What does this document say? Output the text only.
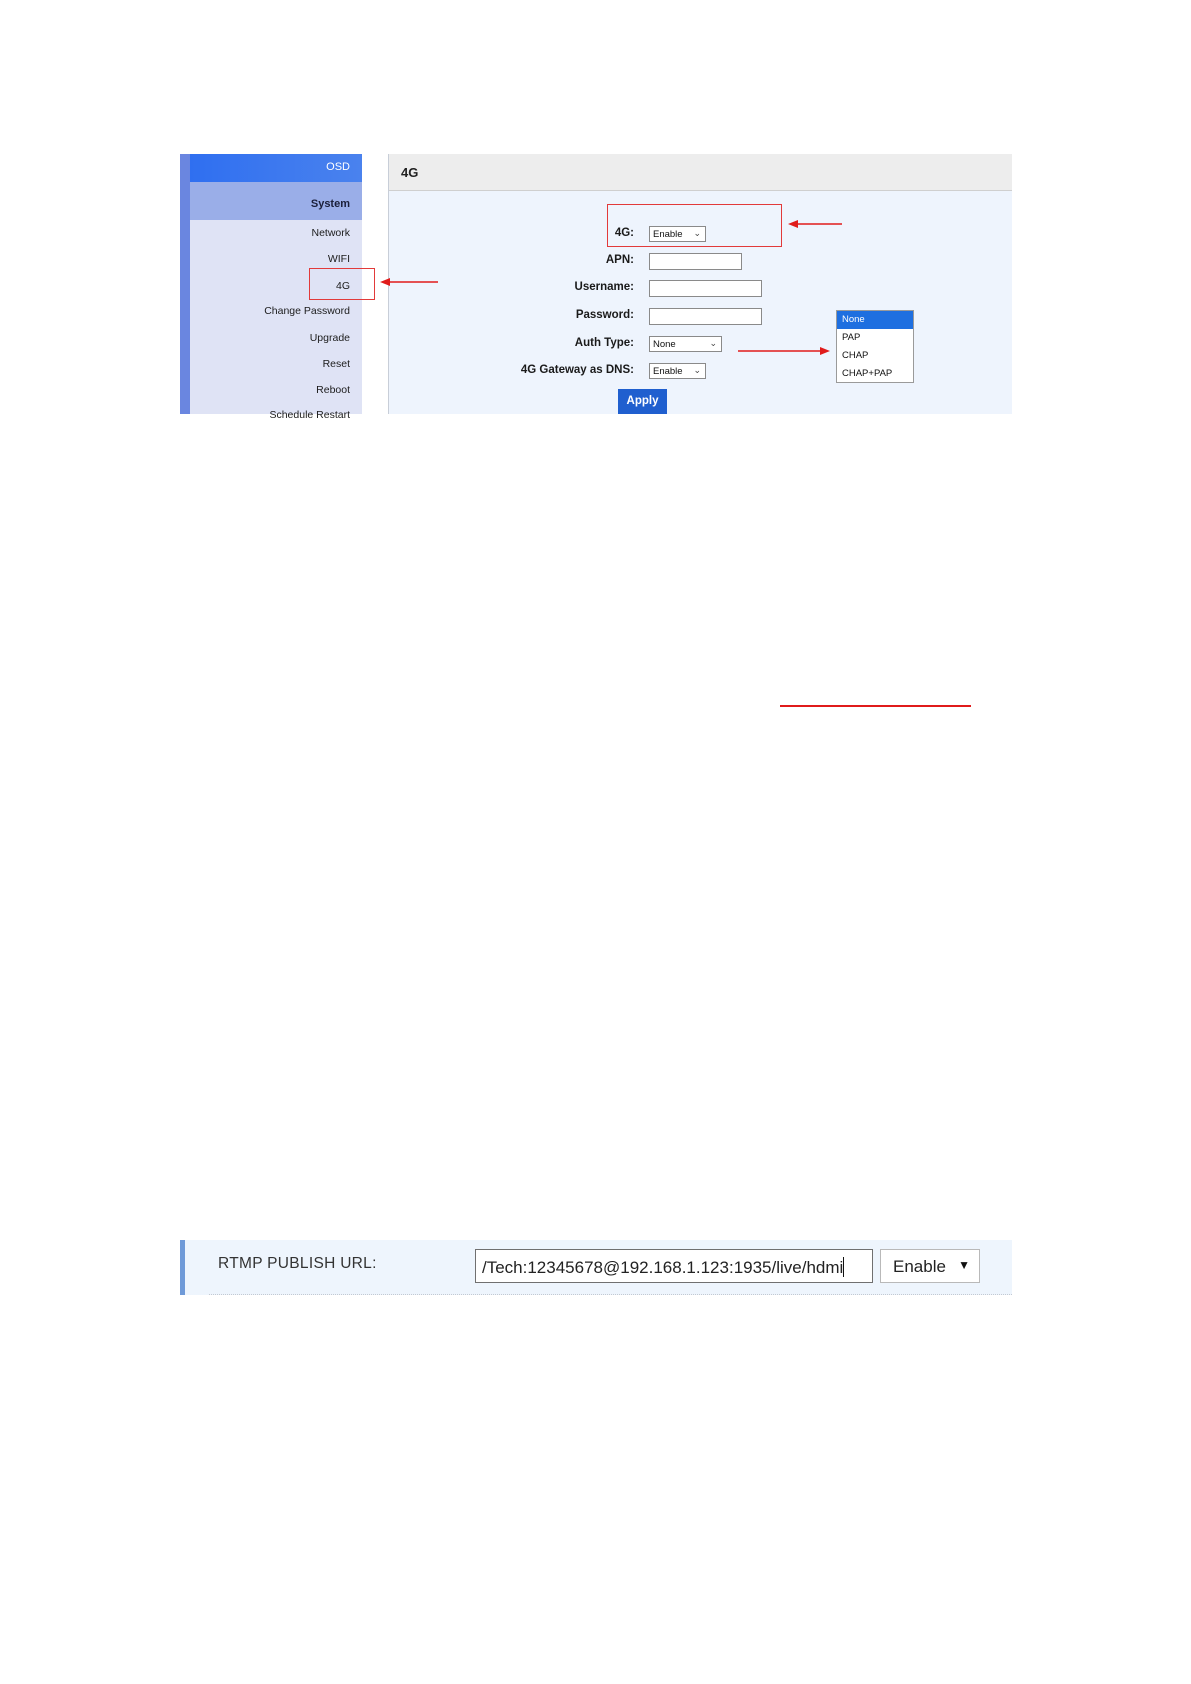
OSD
System
Network
WIFI
4G
Change Password
Upgrade
Reset
Reboot
Schedule Restart
4G
4G:	Enable ⌄
APN:
Username:
Password:
Auth Type:	None	⌄
4G Gateway as DNS:	Enable ⌄
Apply
None
PAP
CHAP
CHAP+PAP
RTMP PUBLISH URL:	/Tech:12345678@192.168.1.123:1935/live/hdmi	Enable ▼
